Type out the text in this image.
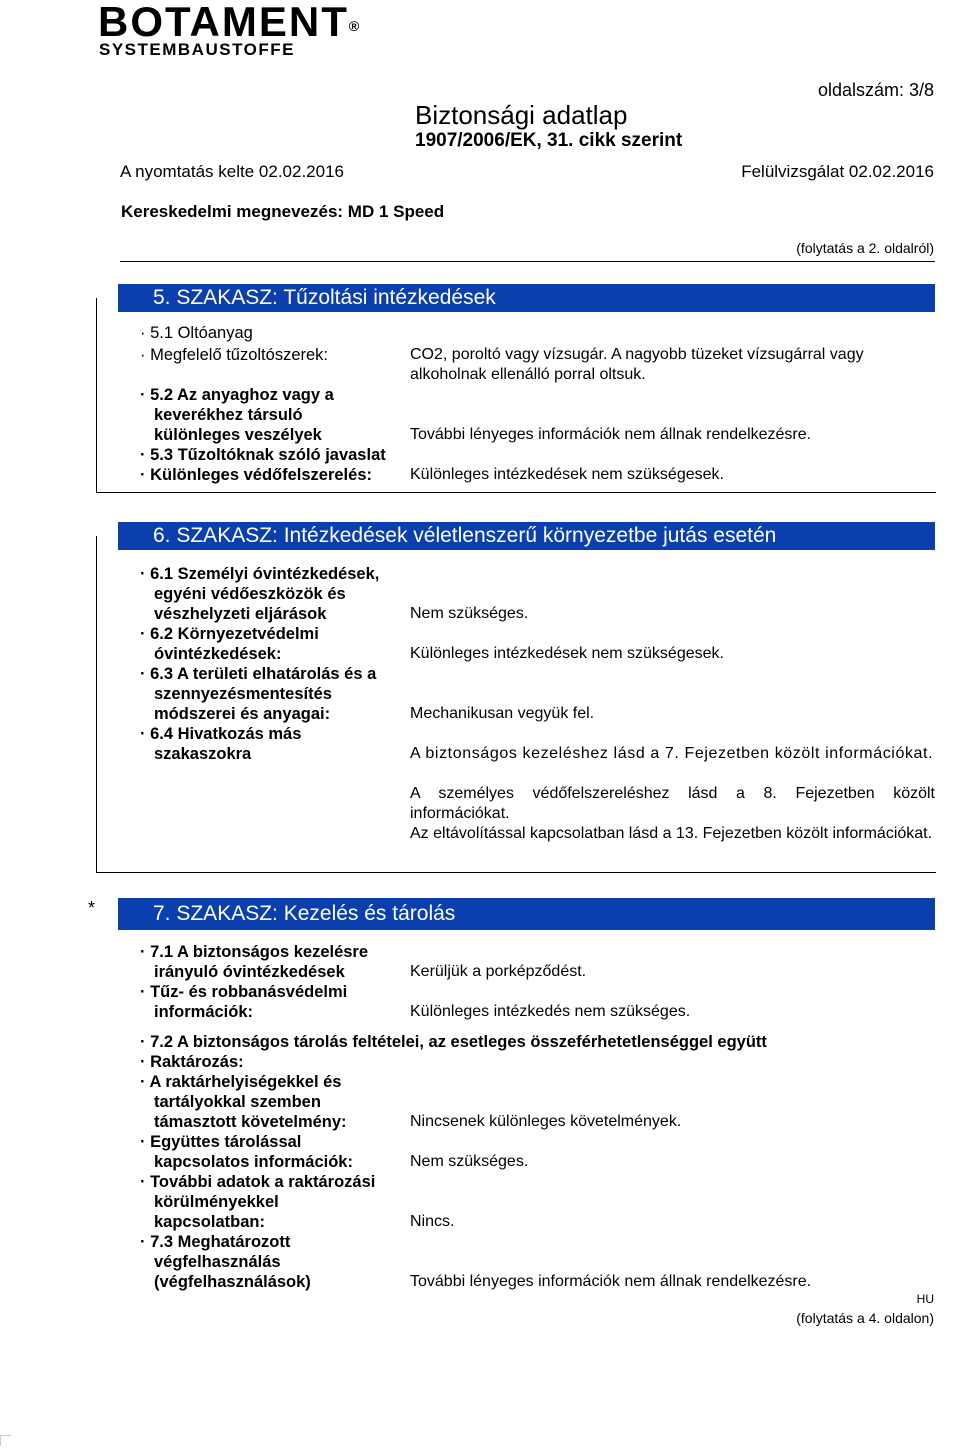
BOTAMENT®
SYSTEMBAUSTOFFE
oldalszám: 3/8
Biztonsági adatlap
1907/2006/EK, 31. cikk szerint
A nyomtatás kelte 02.02.2016	Felülvizsgálat 02.02.2016
Kereskedelmi megnevezés: MD 1 Speed
(folytatás a 2. oldalról)
5. SZAKASZ: Tűzoltási intézkedések
· 5.1 Oltóanyag
· Megfelelő tűzoltószerek:	CO2, poroltó vagy vízsugár. A nagyobb tüzeket vízsugárral vagy alkoholnak ellenálló porral oltsuk.
· 5.2 Az anyaghoz vagy a
keverékhez társuló
különleges veszélyek	További lényeges információk nem állnak rendelkezésre.
· 5.3 Tűzoltóknak szóló javaslat
· Különleges védőfelszerelés: Különleges intézkedések nem szükségesek.
6. SZAKASZ: Intézkedések véletlenszerű környezetbe jutás esetén
· 6.1 Személyi óvintézkedések,
egyéni védőeszközök és
vészhelyzeti eljárások	Nem szükséges.
· 6.2 Környezetvédelmi
óvintézkedések:	Különleges intézkedések nem szükségesek.
· 6.3 A területi elhatárolás és a
szennyezésmentesítés
módszerei és anyagai:	Mechanikusan vegyük fel.
· 6.4 Hivatkozás más
szakaszokra	A biztonságos kezeléshez lásd a 7. Fejezetben közölt információkat.
A személyes védőfelszereléshez lásd a 8. Fejezetben közölt információkat.
Az eltávolítással kapcsolatban lásd a 13. Fejezetben közölt információkat.
*	7. SZAKASZ: Kezelés és tárolás
· 7.1 A biztonságos kezelésre
irányuló óvintézkedések	Kerüljük a porképződést.
· Tűz- és robbanásvédelmi
információk:	Különleges intézkedés nem szükséges.
· 7.2 A biztonságos tárolás feltételei, az esetleges összeférhetetlenséggel együtt
· Raktározás:
· A raktárhelyiségekkel és
tartályokkal szemben
támasztott követelmény:	Nincsenek különleges követelmények.
· Együttes tárolással
kapcsolatos információk:	Nem szükséges.
· További adatok a raktározási
körülményekkel
kapcsolatban:	Nincs.
· 7.3 Meghatározott
végfelhasználás
(végfelhasználások)	További lényeges információk nem állnak rendelkezésre.
HU
(folytatás a 4. oldalon)
